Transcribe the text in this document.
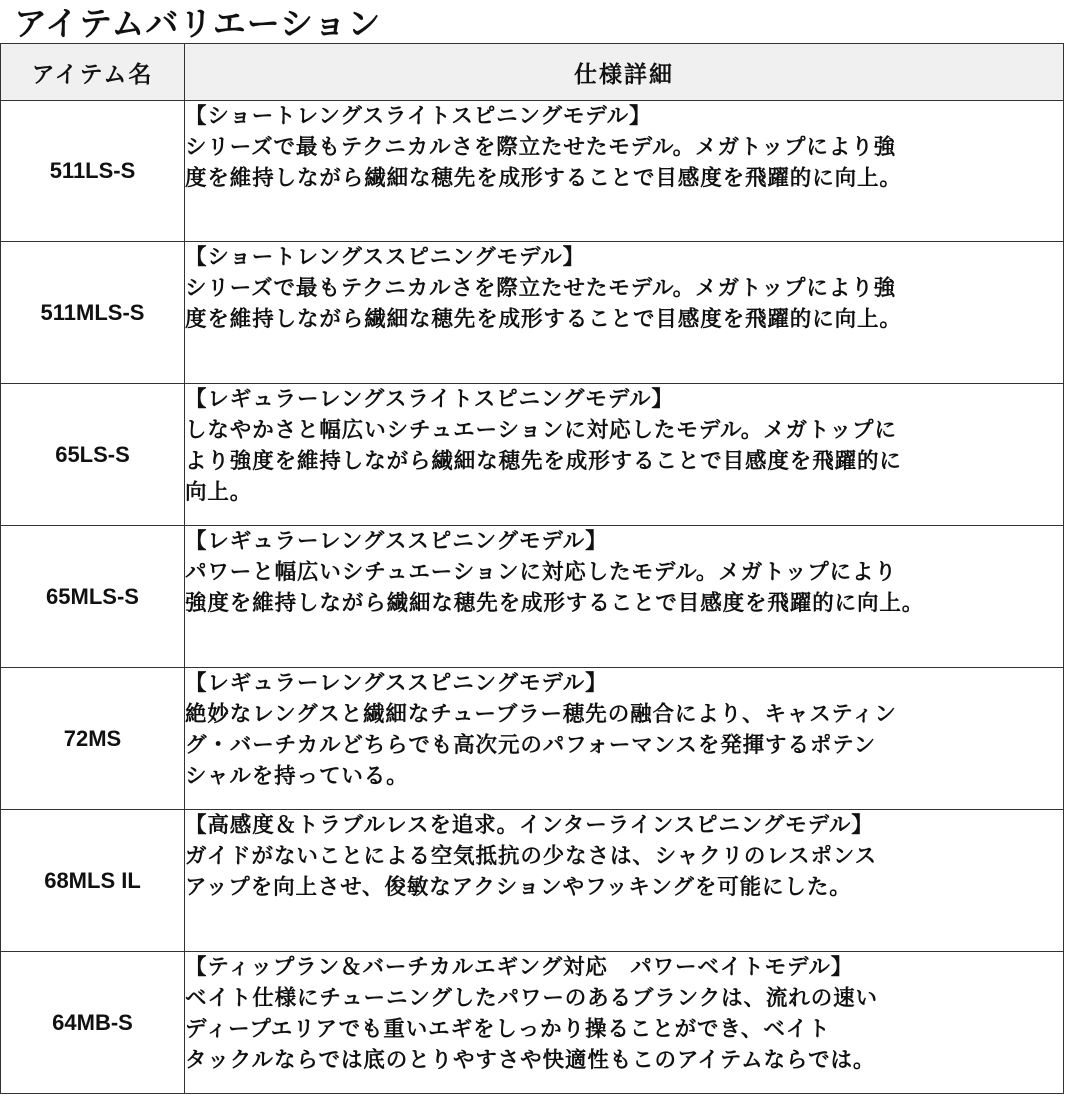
アイテムバリエーション
アイテム名	仕様詳細
511LS-S	【ショートレングスライトスピニングモデル】
シリーズで最もテクニカルさを際立たせたモデル。メガトップにより強
度を維持しながら繊細な穂先を成形することで目感度を飛躍的に向上。

511MLS-S	【ショートレングススピニングモデル】
シリーズで最もテクニカルさを際立たせたモデル。メガトップにより強
度を維持しながら繊細な穂先を成形することで目感度を飛躍的に向上。

65LS-S	【レギュラーレングスライトスピニングモデル】
しなやかさと幅広いシチュエーションに対応したモデル。メガトップに
より強度を維持しながら繊細な穂先を成形することで目感度を飛躍的に
向上。

65MLS-S	【レギュラーレングススピニングモデル】
パワーと幅広いシチュエーションに対応したモデル。メガトップにより
強度を維持しながら繊細な穂先を成形することで目感度を飛躍的に向上。

72MS	【レギュラーレングススピニングモデル】
絶妙なレングスと繊細なチューブラー穂先の融合により、キャスティン
グ・バーチカルどちらでも高次元のパフォーマンスを発揮するポテン
シャルを持っている。

68MLS IL	【高感度＆トラブルレスを追求。インターラインスピニングモデル】
ガイドがないことによる空気抵抗の少なさは、シャクリのレスポンス
アップを向上させ、俊敏なアクションやフッキングを可能にした。

64MB-S	【ティップラン＆バーチカルエギング対応　パワーベイトモデル】
ベイト仕様にチューニングしたパワーのあるブランクは、流れの速い
ディープエリアでも重いエギをしっかり操ることができ、ベイト
タックルならでは底のとりやすさや快適性もこのアイテムならでは。
